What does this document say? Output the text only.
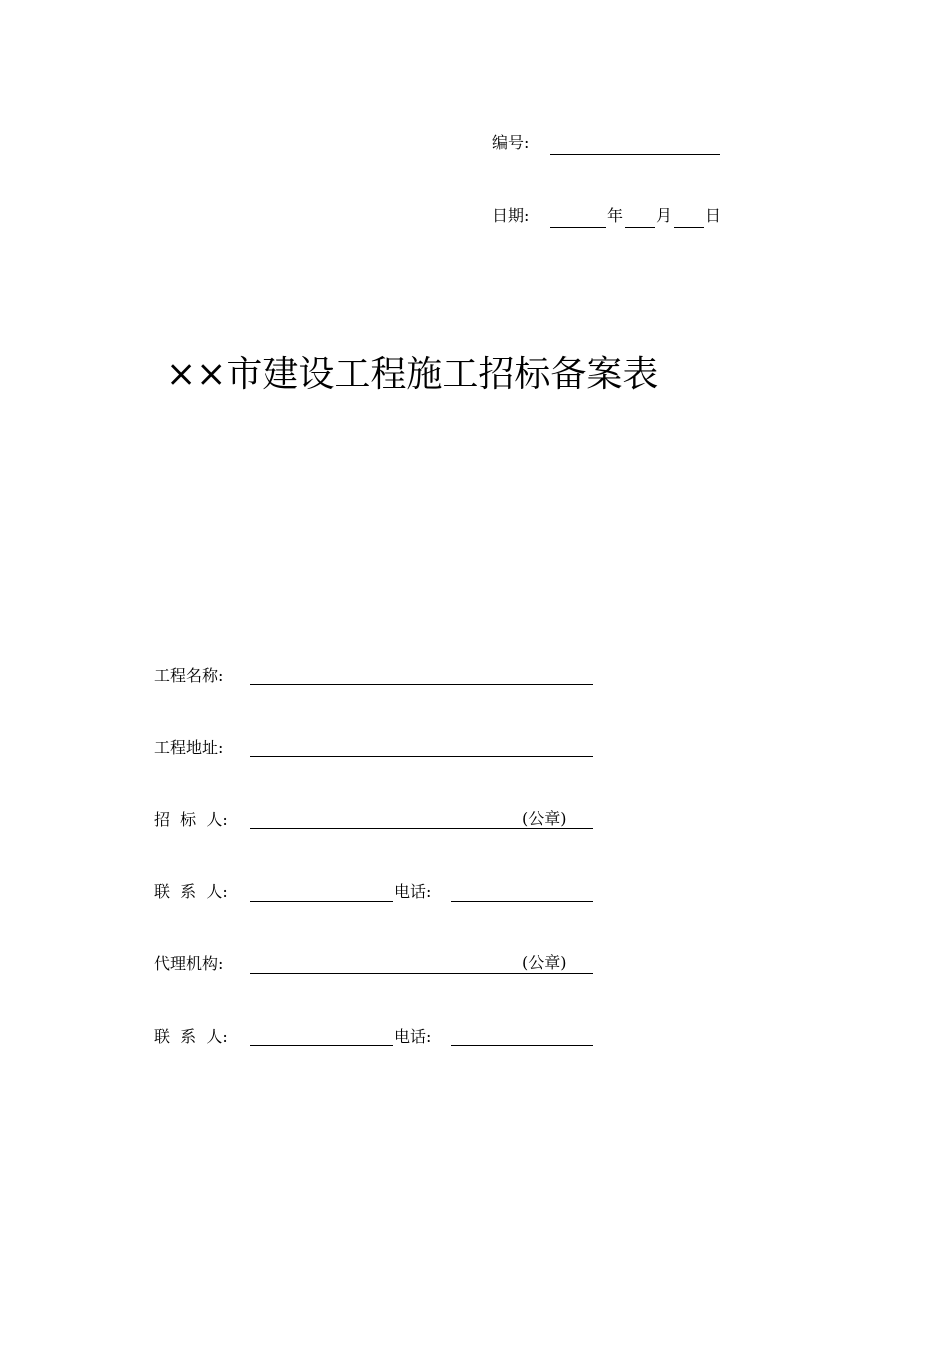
编号:
日期:	年 月 日
××市建设工程施工招标备案表
工程名称:
工程地址:
招  标  人:	(公章)
联  系  人:	电话:
代理机构:	(公章)
联  系  人:	电话:
